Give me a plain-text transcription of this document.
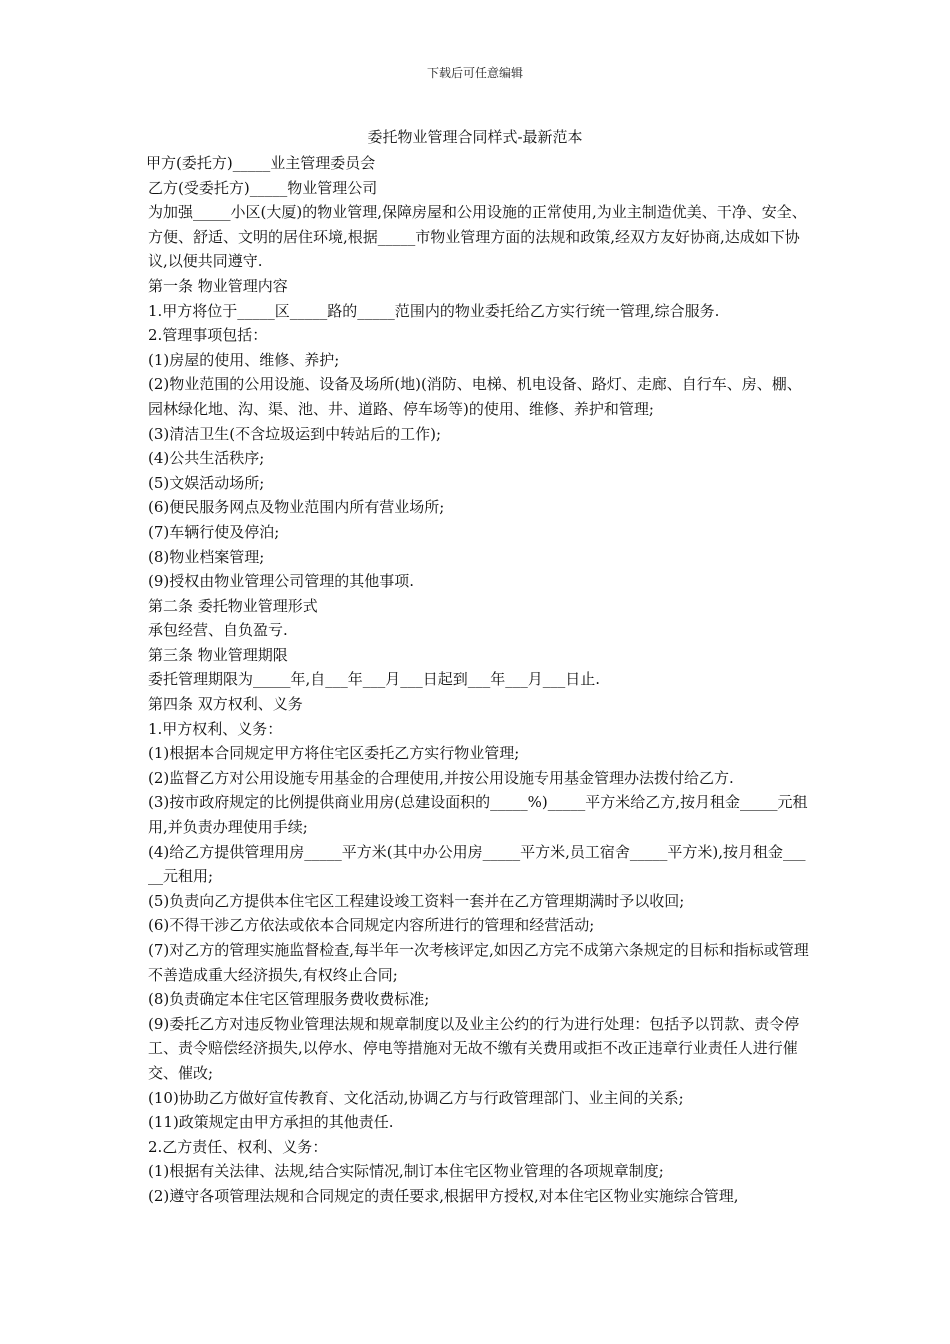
下载后可任意编辑
委托物业管理合同样式-最新范本

甲方(委托方)_____业主管理委员会

乙方(受委托方)_____物业管理公司

为加强_____小区(大厦)的物业管理,保障房屋和公用设施的正常使用,为业主制造优美、干净、安全、方便、舒适、文明的居住环境,根据_____市物业管理方面的法规和政策,经双方友好协商,达成如下协议,以便共同遵守.

第一条 物业管理内容

1.甲方将位于_____区_____路的_____范围内的物业委托给乙方实行统一管理,综合服务.

2.管理事项包括：

(1)房屋的使用、维修、养护;

(2)物业范围的公用设施、设备及场所(地)(消防、电梯、机电设备、路灯、走廊、自行车、房、棚、园林绿化地、沟、渠、池、井、道路、停车场等)的使用、维修、养护和管理;

(3)清洁卫生(不含垃圾运到中转站后的工作);

(4)公共生活秩序;

(5)文娱活动场所;

(6)便民服务网点及物业范围内所有营业场所;

(7)车辆行使及停泊;

(8)物业档案管理;

(9)授权由物业管理公司管理的其他事项.

第二条 委托物业管理形式

承包经营、自负盈亏.

第三条 物业管理期限

委托管理期限为_____年,自___年___月___日起到___年___月___日止.

第四条 双方权利、义务

1.甲方权利、义务：

(1)根据本合同规定甲方将住宅区委托乙方实行物业管理;

(2)监督乙方对公用设施专用基金的合理使用,并按公用设施专用基金管理办法拨付给乙方.

(3)按市政府规定的比例提供商业用房(总建设面积的_____%)_____平方米给乙方,按月租金_____元租用,并负责办理使用手续;

(4)给乙方提供管理用房_____平方米(其中办公用房_____平方米,员工宿舍_____平方米),按月租金_____元租用;

(5)负责向乙方提供本住宅区工程建设竣工资料一套并在乙方管理期满时予以收回;

(6)不得干涉乙方依法或依本合同规定内容所进行的管理和经营活动;

(7)对乙方的管理实施监督检查,每半年一次考核评定,如因乙方完不成第六条规定的目标和指标或管理不善造成重大经济损失,有权终止合同;

(8)负责确定本住宅区管理服务费收费标准;

(9)委托乙方对违反物业管理法规和规章制度以及业主公约的行为进行处理：包括予以罚款、责令停工、责令赔偿经济损失,以停水、停电等措施对无故不缴有关费用或拒不改正违章行业责任人进行催交、催改;

(10)协助乙方做好宣传教育、文化活动,协调乙方与行政管理部门、业主间的关系;

(11)政策规定由甲方承担的其他责任.

2.乙方责任、权利、义务：

(1)根据有关法律、法规,结合实际情况,制订本住宅区物业管理的各项规章制度;

(2)遵守各项管理法规和合同规定的责任要求,根据甲方授权,对本住宅区物业实施综合管理,
